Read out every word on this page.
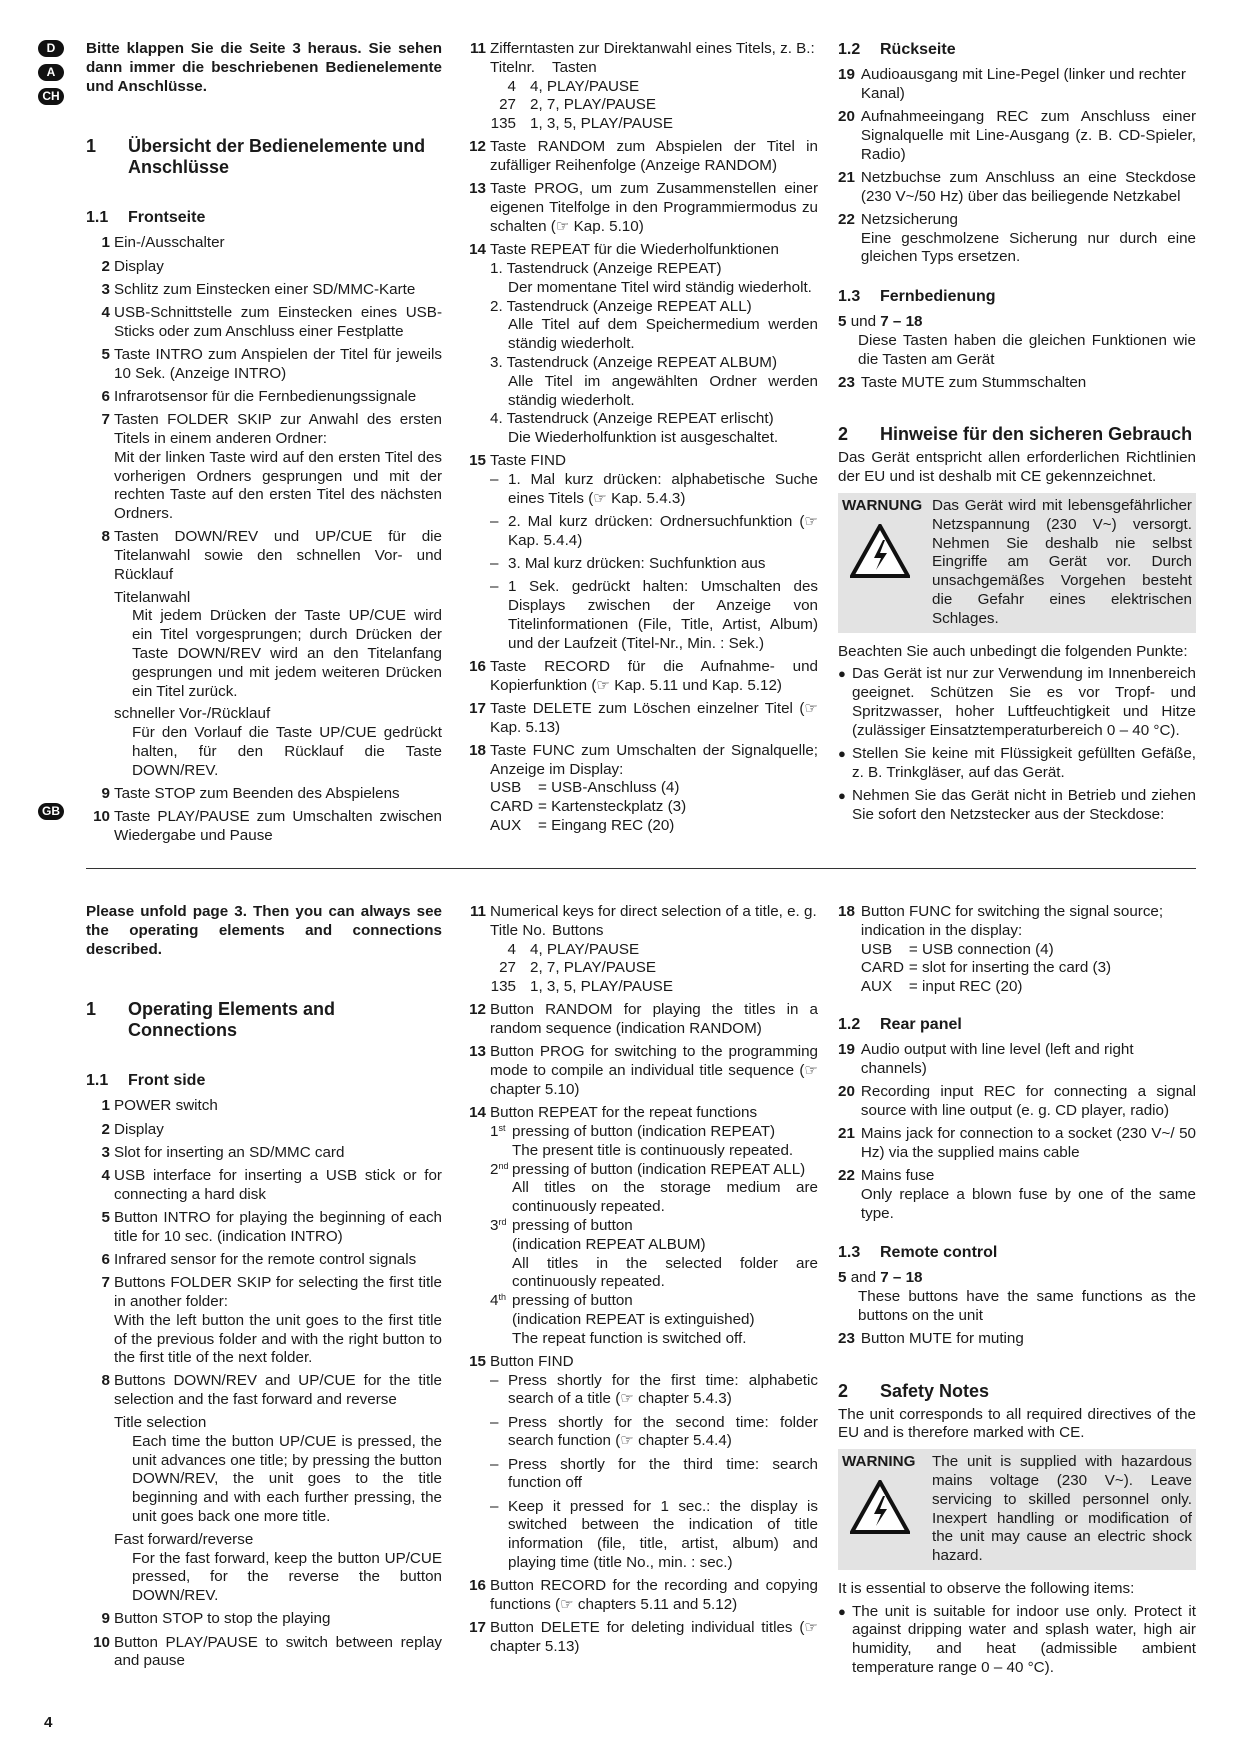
D
A
CH
GB
Bitte klappen Sie die Seite 3 heraus. Sie sehen dann immer die beschriebenen Bedienelemente und Anschlüsse.
1	Übersicht der Bedienelemente und Anschlüsse
1.1	Frontseite
1 Ein-/Ausschalter
2 Display
3 Schlitz zum Einstecken einer SD/MMC-Karte
4 USB-Schnittstelle zum Einstecken eines USB-Sticks oder zum Anschluss einer Festplatte
5 Taste INTRO zum Anspielen der Titel für jeweils 10 Sek. (Anzeige INTRO)
6 Infrarotsensor für die Fernbedienungssignale
7 Tasten FOLDER SKIP zur Anwahl des ersten Titels in einem anderen Ordner:
Mit der linken Taste wird auf den ersten Titel des vorherigen Ordners gesprungen und mit der rechten Taste auf den ersten Titel des nächsten Ordners.
8 Tasten DOWN/REV und UP/CUE für die Titelanwahl sowie den schnellen Vor- und Rücklauf
Titelanwahl
Mit jedem Drücken der Taste UP/CUE wird ein Titel vorgesprungen; durch Drücken der Taste DOWN/REV wird an den Titelanfang gesprungen und mit jedem weiteren Drücken ein Titel zurück.
schneller Vor-/Rücklauf
Für den Vorlauf die Taste UP/CUE gedrückt halten, für den Rücklauf die Taste DOWN/REV.
9 Taste STOP zum Beenden des Abspielens
10 Taste PLAY/PAUSE zum Umschalten zwischen Wiedergabe und Pause
11 Zifferntasten zur Direktanwahl eines Titels, z. B.:
Titelnr.	Tasten
4 4, PLAY/PAUSE
27 2, 7, PLAY/PAUSE
135 1, 3, 5, PLAY/PAUSE
12 Taste RANDOM zum Abspielen der Titel in zufälliger Reihenfolge (Anzeige RANDOM)
13 Taste PROG, um zum Zusammenstellen einer eigenen Titelfolge in den Programmiermodus zu schalten (☞ Kap. 5.10)
14 Taste REPEAT für die Wiederholfunktionen
1. Tastendruck (Anzeige REPEAT)
Der momentane Titel wird ständig wiederholt.
2. Tastendruck (Anzeige REPEAT ALL)
Alle Titel auf dem Speichermedium werden ständig wiederholt.
3. Tastendruck (Anzeige REPEAT ALBUM)
Alle Titel im angewählten Ordner werden ständig wiederholt.
4. Tastendruck (Anzeige REPEAT erlischt)
Die Wiederholfunktion ist ausgeschaltet.
15 Taste FIND
– 1. Mal kurz drücken: alphabetische Suche eines Titels (☞ Kap. 5.4.3)
– 2. Mal kurz drücken: Ordnersuchfunktion (☞ Kap. 5.4.4)
– 3. Mal kurz drücken: Suchfunktion aus
– 1 Sek. gedrückt halten: Umschalten des Displays zwischen der Anzeige von Titelinformationen (File, Title, Artist, Album) und der Laufzeit (Titel-Nr., Min. : Sek.)
16 Taste RECORD für die Aufnahme- und Kopierfunktion (☞ Kap. 5.11 und Kap. 5.12)
17 Taste DELETE zum Löschen einzelner Titel (☞ Kap. 5.13)
18 Taste FUNC zum Umschalten der Signalquelle; Anzeige im Display:
USB	= USB-Anschluss (4)
CARD = Kartensteckplatz (3)
AUX	= Eingang REC (20)
1.2	Rückseite
19 Audioausgang mit Line-Pegel (linker und rechter Kanal)
20 Aufnahmeeingang REC zum Anschluss einer Signalquelle mit Line-Ausgang (z. B. CD-Spieler, Radio)
21 Netzbuchse zum Anschluss an eine Steckdose (230 V~/50 Hz) über das beiliegende Netzkabel
22 Netzsicherung
Eine geschmolzene Sicherung nur durch eine gleichen Typs ersetzen.
1.3	Fernbedienung
5 und 7 – 18
Diese Tasten haben die gleichen Funktionen wie die Tasten am Gerät
23 Taste MUTE zum Stummschalten
2	Hinweise für den sicheren Gebrauch
Das Gerät entspricht allen erforderlichen Richtlinien der EU und ist deshalb mit CE gekennzeichnet.
WARNUNG Das Gerät wird mit lebensgefährlicher Netzspannung (230 V~) versorgt. Nehmen Sie deshalb nie selbst Eingriffe am Gerät vor. Durch unsachgemäßes Vorgehen besteht die Gefahr eines elektrischen Schlages.
Beachten Sie auch unbedingt die folgenden Punkte:
● Das Gerät ist nur zur Verwendung im Innenbereich geeignet. Schützen Sie es vor Tropf- und Spritzwasser, hoher Luftfeuchtigkeit und Hitze (zulässiger Einsatztemperaturbereich 0 – 40 °C).
● Stellen Sie keine mit Flüssigkeit gefüllten Gefäße, z. B. Trinkgläser, auf das Gerät.
● Nehmen Sie das Gerät nicht in Betrieb und ziehen Sie sofort den Netzstecker aus der Steckdose:
Please unfold page 3. Then you can always see the operating elements and connections described.
1	Operating Elements and Connections
1.1	Front side
1 POWER switch
2 Display
3 Slot for inserting an SD/MMC card
4 USB interface for inserting a USB stick or for connecting a hard disk
5 Button INTRO for playing the beginning of each title for 10 sec. (indication INTRO)
6 Infrared sensor for the remote control signals
7 Buttons FOLDER SKIP for selecting the first title in another folder:
With the left button the unit goes to the first title of the previous folder and with the right button to the first title of the next folder.
8 Buttons DOWN/REV and UP/CUE for the title selection and the fast forward and reverse
Title selection
Each time the button UP/CUE is pressed, the unit advances one title; by pressing the button DOWN/REV, the unit goes to the title beginning and with each further pressing, the unit goes back one more title.
Fast forward/reverse
For the fast forward, keep the button UP/CUE pressed, for the reverse the button DOWN/REV.
9 Button STOP to stop the playing
10 Button PLAY/PAUSE to switch between replay and pause
11 Numerical keys for direct selection of a title, e. g.
Title No. Buttons
4 4, PLAY/PAUSE
27 2, 7, PLAY/PAUSE
135 1, 3, 5, PLAY/PAUSE
12 Button RANDOM for playing the titles in a random sequence (indication RANDOM)
13 Button PROG for switching to the programming mode to compile an individual title sequence (☞ chapter 5.10)
14 Button REPEAT for the repeat functions
1st pressing of button (indication REPEAT)
The present title is continuously repeated.
2nd pressing of button (indication REPEAT ALL)
All titles on the storage medium are continuously repeated.
3rd pressing of button
(indication REPEAT ALBUM)
All titles in the selected folder are continuously repeated.
4th pressing of button
(indication REPEAT is extinguished)
The repeat function is switched off.
15 Button FIND
– Press shortly for the first time: alphabetic search of a title (☞ chapter 5.4.3)
– Press shortly for the second time: folder search function (☞ chapter 5.4.4)
– Press shortly for the third time: search function off
– Keep it pressed for 1 sec.: the display is switched between the indication of title information (file, title, artist, album) and playing time (title No., min. : sec.)
16 Button RECORD for the recording and copying functions (☞ chapters 5.11 and 5.12)
17 Button DELETE for deleting individual titles (☞ chapter 5.13)
18 Button FUNC for switching the signal source; indication in the display:
USB	= USB connection (4)
CARD = slot for inserting the card (3)
AUX	= input REC (20)
1.2	Rear panel
19 Audio output with line level (left and right channels)
20 Recording input REC for connecting a signal source with line output (e. g. CD player, radio)
21 Mains jack for connection to a socket (230 V~/ 50 Hz) via the supplied mains cable
22 Mains fuse
Only replace a blown fuse by one of the same type.
1.3	Remote control
5 and 7 – 18
These buttons have the same functions as the buttons on the unit
23 Button MUTE for muting
2	Safety Notes
The unit corresponds to all required directives of the EU and is therefore marked with CE.
WARNING	The unit is supplied with hazardous mains voltage (230 V~). Leave servicing to skilled personnel only. Inexpert handling or modification of the unit may cause an electric shock hazard.
It is essential to observe the following items:
● The unit is suitable for indoor use only. Protect it against dripping water and splash water, high air humidity, and heat (admissible ambient temperature range 0 – 40 °C).
4
